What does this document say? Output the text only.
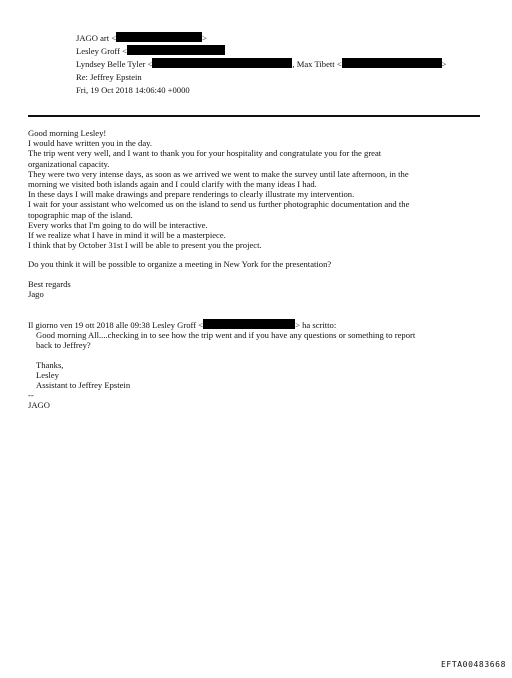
JAGO art <	>
Lesley Groff <
Lyndsey Belle Tyler <	, Max Tibett <	>
Re: Jeffrey Epstein
Fri, 19 Oct 2018 14:06:40 +0000

Good morning Lesley!

I would have written you in the day.

The trip went very well, and I want to thank you for your hospitality and congratulate you for the great

organizational capacity.

They were two very intense days, as soon as we arrived we went to make the survey until late afternoon, in the

morning we visited both islands again and I could clarify with the many ideas I had.

In these days I will make drawings and prepare renderings to clearly illustrate my intervention.

I wait for your assistant who welcomed us on the island to send us further photographic documentation and the

topographic map of the island.

Every works that I'm going to do will be interactive.

If we realize what I have in mind it will be a masterpiece.

I think that by October 31st I will be able to present you the project.

Do you think it will be possible to organize a meeting in New York for the presentation?

Best regards

Jago

Il giorno ven 19 ott 2018 alle 09:38 Lesley Groff <	> ha scritto:

Good morning All....checking in to see how the trip went and if you have any questions or something to report

back to Jeffrey?

Thanks,

Lesley

Assistant to Jeffrey Epstein

--

JAGO

EFTA00483668
